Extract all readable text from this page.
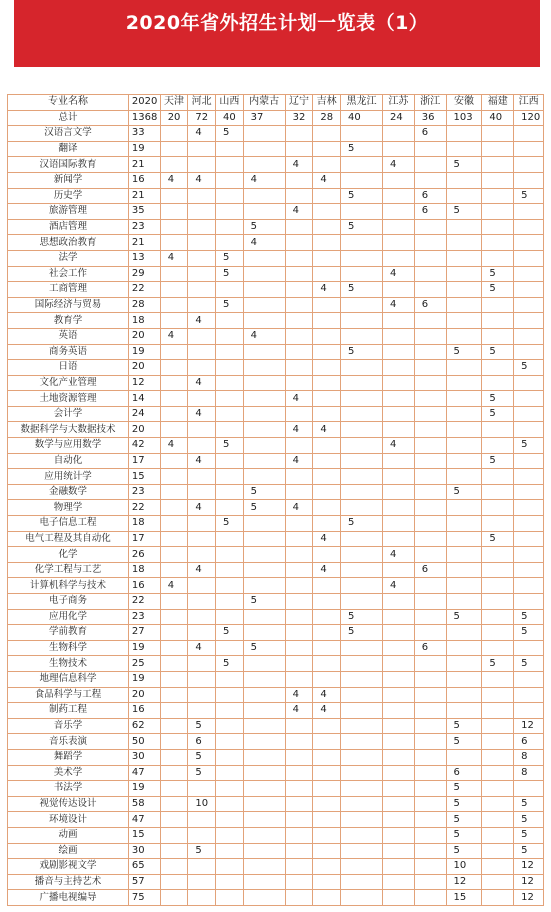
2020年省外招生计划一览表（1）
专业名称	2020	天津	河北	山西	内蒙古	辽宁	吉林	黑龙江	江苏	浙江	安徽	福建	江西
总计	1368	20	72	40	37	32	28	40	24	36	103	40	120
汉语言文学	33		4	5						6			
翻译	19							5					
汉语国际教育	21					4			4		5		
新闻学	16	4	4		4		4						
历史学	21							5		6			5
旅游管理	35					4				6	5		
酒店管理	23				5			5					
思想政治教育	21				4								
法学	13	4		5									
社会工作	29			5					4			5	
工商管理	22						4	5				5	
国际经济与贸易	28			5					4	6			
教育学	18		4										
英语	20	4			4								
商务英语	19							5			5	5	
日语	20												5
文化产业管理	12		4										
土地资源管理	14					4						5	
会计学	24		4									5	
数据科学与大数据技术	20					4	4						
数学与应用数学	42	4		5					4				5
自动化	17		4			4						5	
应用统计学	15												
金融数学	23				5						5		
物理学	22		4		5	4							
电子信息工程	18			5				5					
电气工程及其自动化	17						4					5	
化学	26								4				
化学工程与工艺	18		4				4			6			
计算机科学与技术	16	4							4				
电子商务	22				5								
应用化学	23							5			5		5
学前教育	27			5				5					5
生物科学	19		4		5					6			
生物技术	25			5								5	5
地理信息科学	19												
食品科学与工程	20					4	4						
制药工程	16					4	4						
音乐学	62		5								5		12
音乐表演	50		6								5		6
舞蹈学	30		5										8
美术学	47		5								6		8
书法学	19										5		
视觉传达设计	58		10								5		5
环境设计	47										5		5
动画	15										5		5
绘画	30		5								5		5
戏剧影视文学	65										10		12
播音与主持艺术	57										12		12
广播电视编导	75										15		12
